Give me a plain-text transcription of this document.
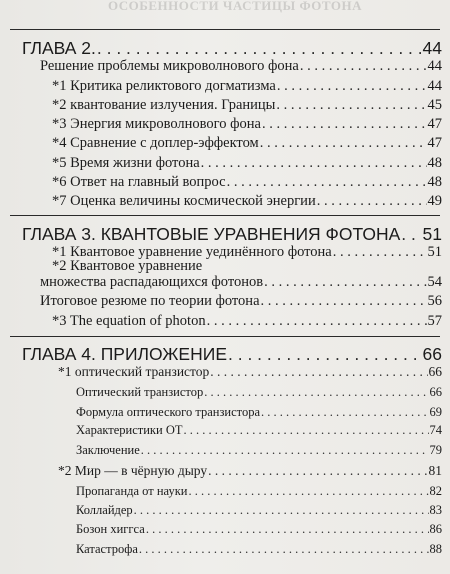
ОСОБЕННОСТИ ЧАСТИЦЫ ФОТОНА
ГЛАВА 2. . . .	44
Решение проблемы микроволнового фона . . .	44
*1 Критика реликтового догматизма . . .	44
*2 квантование излучения. Границы . . .	45
*3 Энергия микроволнового фона . . .	47
*4 Сравнение с доплер-эффектом . . .	47
*5 Время жизни фотона . . .	48
*6 Ответ на главный вопрос . . .	48
*7 Оценка величины космической энергии . . .	49
ГЛАВА 3. КВАНТОВЫЕ УРАВНЕНИЯ ФОТОНА . . . 51
*1 Квантовое уравнение уединённого фотона . . .	51
*2 Квантовое уравнение
множества распадающихся фотонов . . .	54
Итоговое резюме по теории фотона . . .	56
*3 The equation of photon . . .	57
ГЛАВА 4. ПРИЛОЖЕНИЕ . . .	66
*1 оптический транзистор . . .	66
Оптический транзистор . . .	66
Формула оптического транзистора . . .	69
Характеристики ОТ . . .	74
Заключение . . .	79
*2 Мир — в чёрную дыру . . .	81
Пропаганда от науки . . .	82
Коллайдер . . .	83
Бозон хиггса . . .	86
Катастрофа . . .	88
